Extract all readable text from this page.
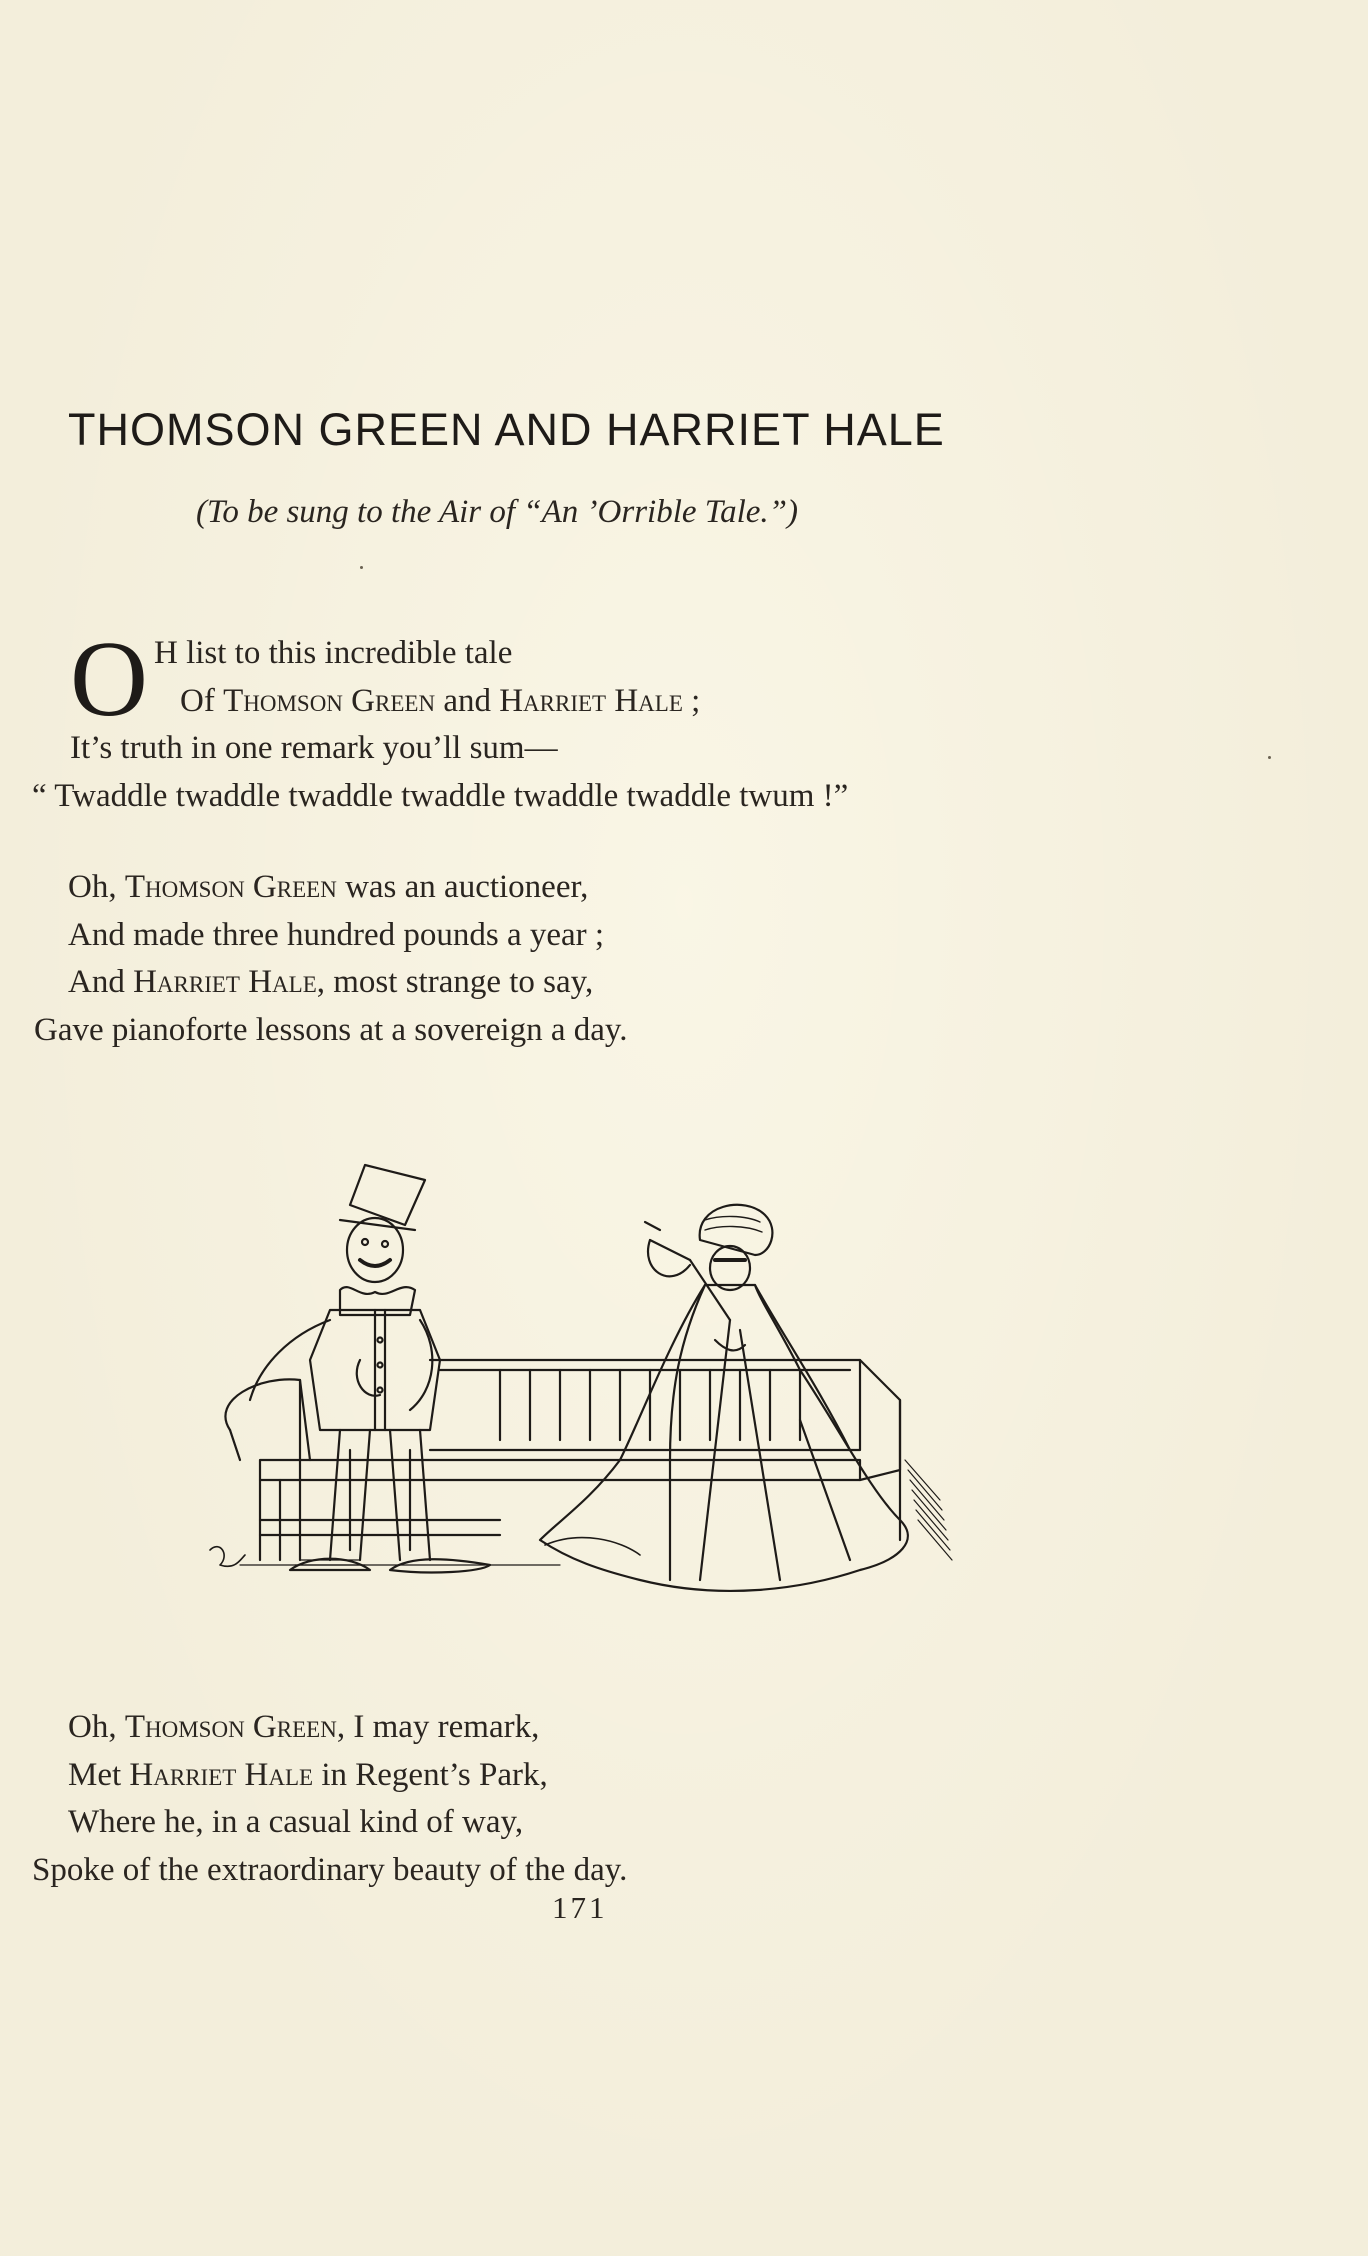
THOMSON GREEN AND HARRIET HALE
(To be sung to the Air of “An ’Orrible Tale.”)
O H list to this incredible tale
Of Thomson Green and Harriet Hale ;
It’s truth in one remark you’ll sum—
“ Twaddle twaddle twaddle twaddle twaddle twaddle twum !”
Oh, Thomson Green was an auctioneer,
And made three hundred pounds a year ;
And Harriet Hale, most strange to say,
Gave pianoforte lessons at a sovereign a day.
Oh, Thomson Green, I may remark,
Met Harriet Hale in Regent’s Park,
Where he, in a casual kind of way,
Spoke of the extraordinary beauty of the day.
171
